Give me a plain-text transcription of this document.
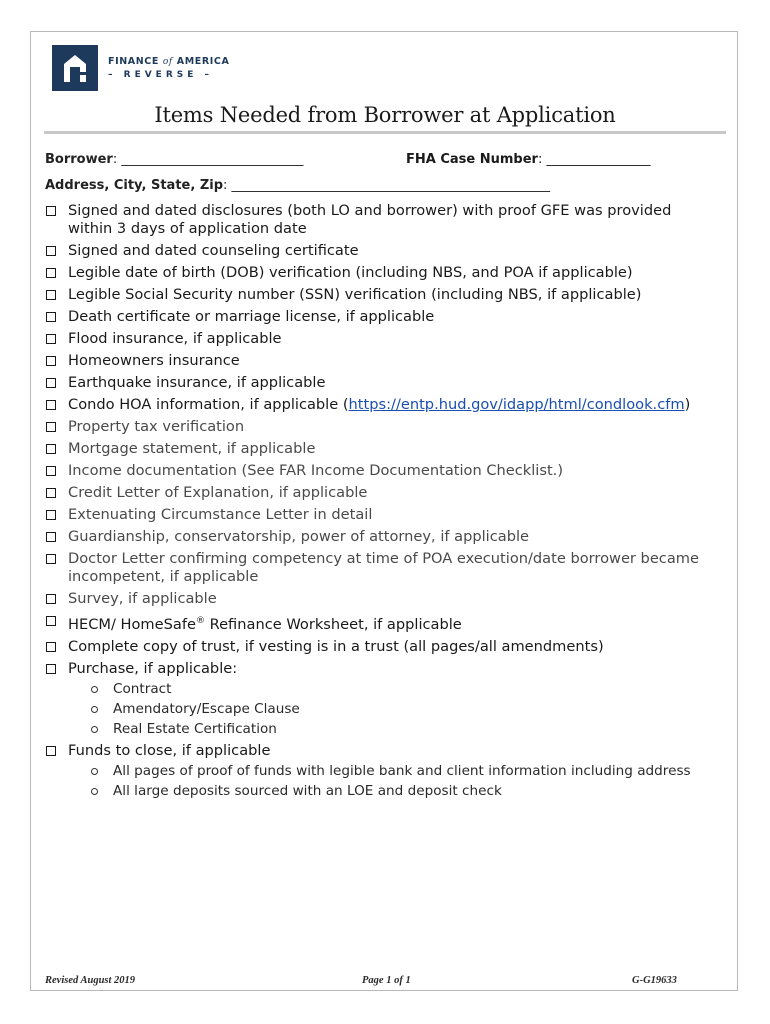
FINANCE of AMERICA
– REVERSE –
Items Needed from Borrower at Application
Borrower: ____________________________	FHA Case Number: ________________
Address, City, State, Zip: _________________________________________________
Signed and dated disclosures (both LO and borrower) with proof GFE was provided within 3 days of application date
Signed and dated counseling certificate
Legible date of birth (DOB) verification (including NBS, and POA if applicable)
Legible Social Security number (SSN) verification (including NBS, if applicable)
Death certificate or marriage license, if applicable
Flood insurance, if applicable
Homeowners insurance
Earthquake insurance, if applicable
Condo HOA information, if applicable (https://entp.hud.gov/idapp/html/condlook.cfm)
Property tax verification
Mortgage statement, if applicable
Income documentation (See FAR Income Documentation Checklist.)
Credit Letter of Explanation, if applicable
Extenuating Circumstance Letter in detail
Guardianship, conservatorship, power of attorney, if applicable
Doctor Letter confirming competency at time of POA execution/date borrower became incompetent, if applicable
Survey, if applicable
HECM/ HomeSafe® Refinance Worksheet, if applicable
Complete copy of trust, if vesting is in a trust (all pages/all amendments)
Purchase, if applicable:
Contract
Amendatory/Escape Clause
Real Estate Certification
Funds to close, if applicable
All pages of proof of funds with legible bank and client information including address
All large deposits sourced with an LOE and deposit check
Revised August 2019	Page 1 of 1	G-G19633
